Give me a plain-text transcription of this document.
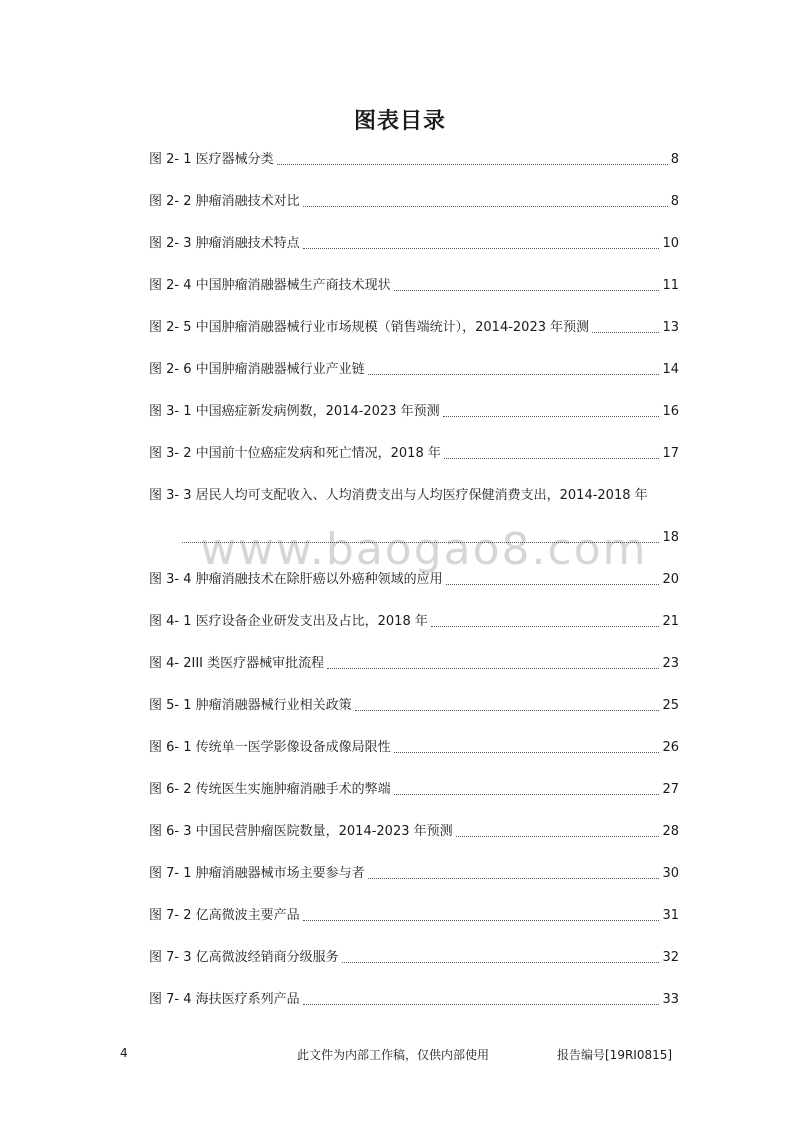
图表目录
www.baogao8.com
图 2- 1 医疗器械分类	8
图 2- 2 肿瘤消融技术对比	8
图 2- 3 肿瘤消融技术特点	10
图 2- 4 中国肿瘤消融器械生产商技术现状	11
图 2- 5 中国肿瘤消融器械行业市场规模（销售端统计），2014-2023 年预测	13
图 2- 6 中国肿瘤消融器械行业产业链	14
图 3- 1 中国癌症新发病例数，2014-2023 年预测	16
图 3- 2 中国前十位癌症发病和死亡情况，2018 年	17
图 3- 3 居民人均可支配收入、人均消费支出与人均医疗保健消费支出，2014-2018 年
18
图 3- 4 肿瘤消融技术在除肝癌以外癌种领域的应用	20
图 4- 1 医疗设备企业研发支出及占比，2018 年	21
图 4- 2III 类医疗器械审批流程	23
图 5- 1 肿瘤消融器械行业相关政策	25
图 6- 1 传统单一医学影像设备成像局限性	26
图 6- 2 传统医生实施肿瘤消融手术的弊端	27
图 6- 3 中国民营肿瘤医院数量，2014-2023 年预测	28
图 7- 1 肿瘤消融器械市场主要参与者	30
图 7- 2 亿高微波主要产品	31
图 7- 3 亿高微波经销商分级服务	32
图 7- 4 海扶医疗系列产品	33
4	此文件为内部工作稿，仅供内部使用	报告编号[19RI0815]
